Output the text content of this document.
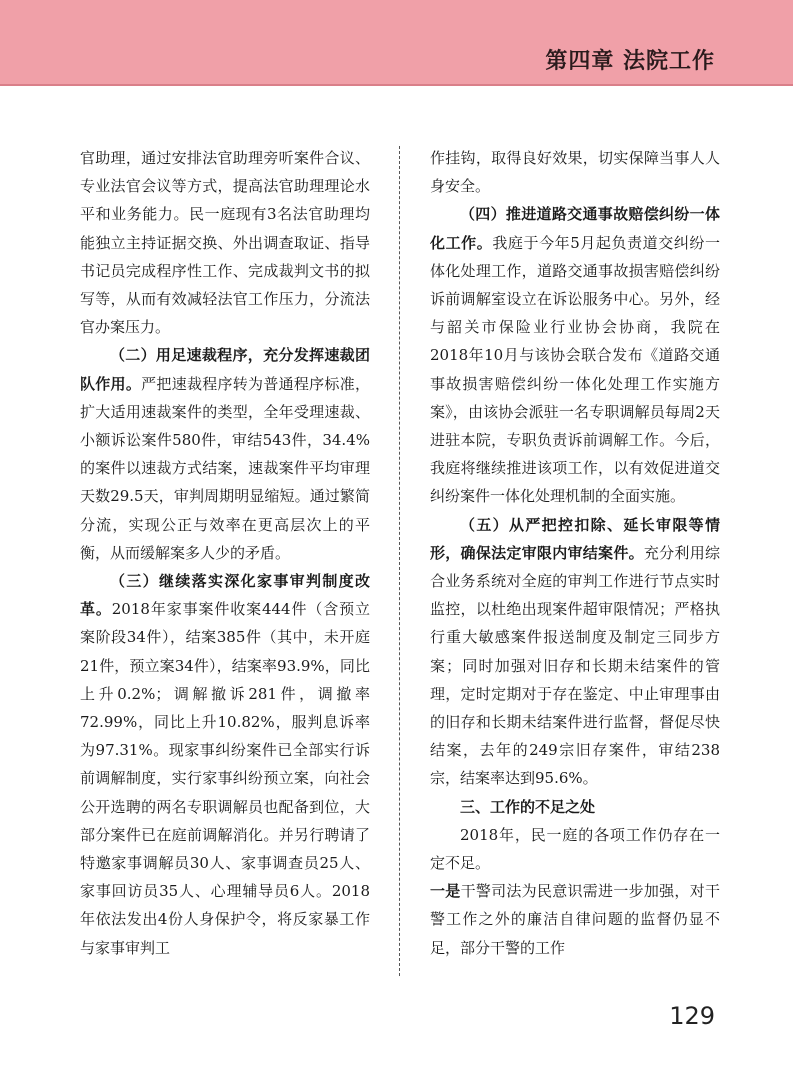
第四章 法院工作

官助理，通过安排法官助理旁听案件合议、专业法官会议等方式，提高法官助理理论水平和业务能力。民一庭现有3名法官助理均能独立主持证据交换、外出调查取证、指导书记员完成程序性工作、完成裁判文书的拟写等，从而有效减轻法官工作压力，分流法官办案压力。

（二）用足速裁程序，充分发挥速裁团队作用。严把速裁程序转为普通程序标准，扩大适用速裁案件的类型，全年受理速裁、小额诉讼案件580件，审结543件，34.4%的案件以速裁方式结案，速裁案件平均审理天数29.5天，审判周期明显缩短。通过繁简分流，实现公正与效率在更高层次上的平衡，从而缓解案多人少的矛盾。

（三）继续落实深化家事审判制度改革。2018年家事案件收案444件（含预立案阶段34件），结案385件（其中，未开庭21件，预立案34件），结案率93.9%，同比上升0.2%；调解撤诉281件，调撤率72.99%，同比上升10.82%，服判息诉率为97.31%。现家事纠纷案件已全部实行诉前调解制度，实行家事纠纷预立案，向社会公开选聘的两名专职调解员也配备到位，大部分案件已在庭前调解消化。并另行聘请了特邀家事调解员30人、家事调查员25人、家事回访员35人、心理辅导员6人。2018年依法发出4份人身保护令，将反家暴工作与家事审判工

作挂钩，取得良好效果，切实保障当事人人身安全。

（四）推进道路交通事故赔偿纠纷一体化工作。我庭于今年5月起负责道交纠纷一体化处理工作，道路交通事故损害赔偿纠纷诉前调解室设立在诉讼服务中心。另外，经与韶关市保险业行业协会协商，我院在2018年10月与该协会联合发布《道路交通事故损害赔偿纠纷一体化处理工作实施方案》，由该协会派驻一名专职调解员每周2天进驻本院，专职负责诉前调解工作。今后，我庭将继续推进该项工作，以有效促进道交纠纷案件一体化处理机制的全面实施。

（五）从严把控扣除、延长审限等情形，确保法定审限内审结案件。充分利用综合业务系统对全庭的审判工作进行节点实时监控，以杜绝出现案件超审限情况；严格执行重大敏感案件报送制度及制定三同步方案；同时加强对旧存和长期未结案件的管理，定时定期对于存在鉴定、中止审理事由的旧存和长期未结案件进行监督，督促尽快结案，去年的249宗旧存案件，审结238宗，结案率达到95.6%。

三、工作的不足之处

2018年，民一庭的各项工作仍存在一定不足。

一是干警司法为民意识需进一步加强，对干警工作之外的廉洁自律问题的监督仍显不足，部分干警的工作

129
